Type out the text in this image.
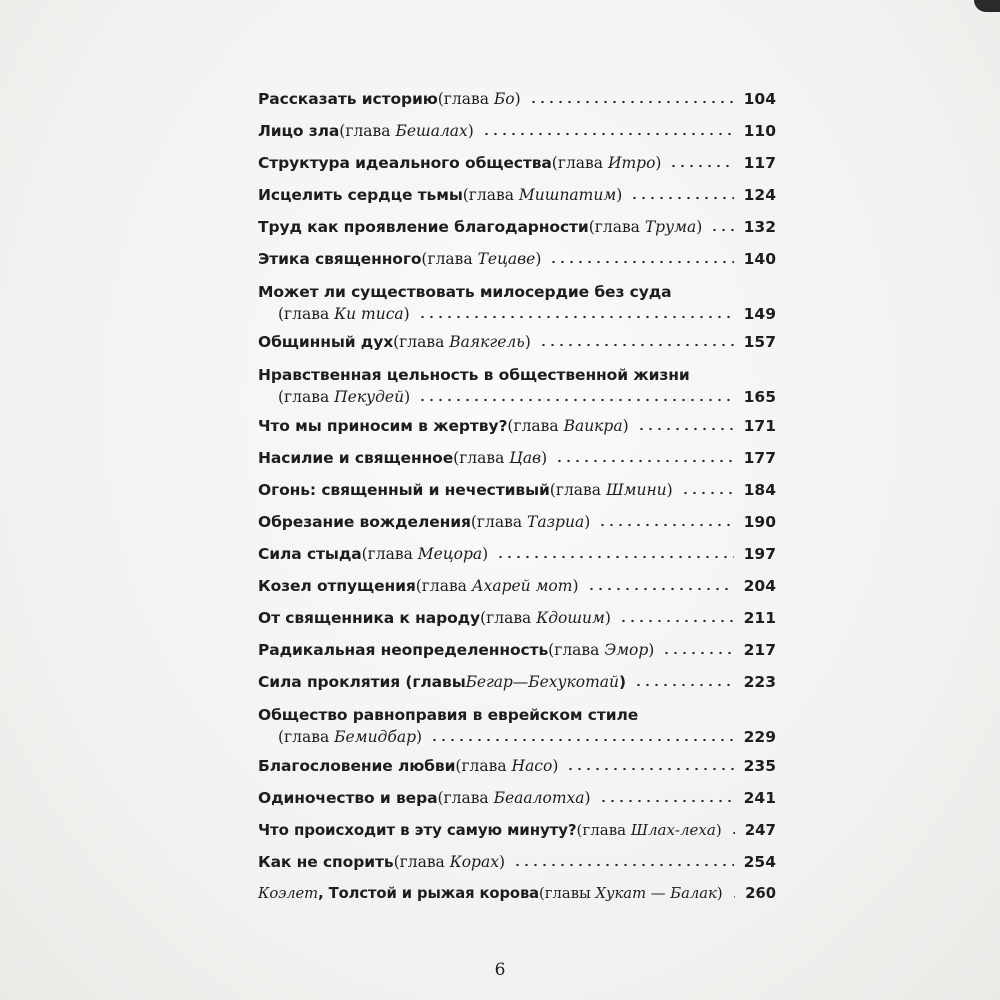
Рассказать историю (глава Бо)	104
Лицо зла (глава Бешалах)	110
Структура идеального общества (глава Итро)	117
Исцелить сердце тьмы (глава Мишпатим)	124
Труд как проявление благодарности (глава Трума)	132
Этика священного (глава Тецаве)	140
Может ли существовать милосердие без суда
(глава Ки тиса)	149
Общинный дух (глава Ваякгель)	157
Нравственная цельность в общественной жизни
(глава Пекудей)	165
Что мы приносим в жертву? (глава Ваикра)	171
Насилие и священное (глава Цав)	177
Огонь: священный и нечестивый (глава Шмини)	184
Обрезание вожделения (глава Тазриа)	190
Сила стыда (глава Мецора)	197
Козел отпущения (глава Ахарей мот)	204
От священника к народу (глава Кдошим)	211
Радикальная неопределенность (глава Эмор)	217
Сила проклятия (главы Бегар — Бехукотай )	223
Общество равноправия в еврейском стиле
(глава Бемидбар)	229
Благословение любви (глава Насо)	235
Одиночество и вера (глава Беаалотха)	241
Что происходит в эту самую минуту? (глава Шлах-леха) 247
Как не спорить (глава Корах)	254
Коэлет , Толстой и рыжая корова (главы Хукат — Балак) 260
6
